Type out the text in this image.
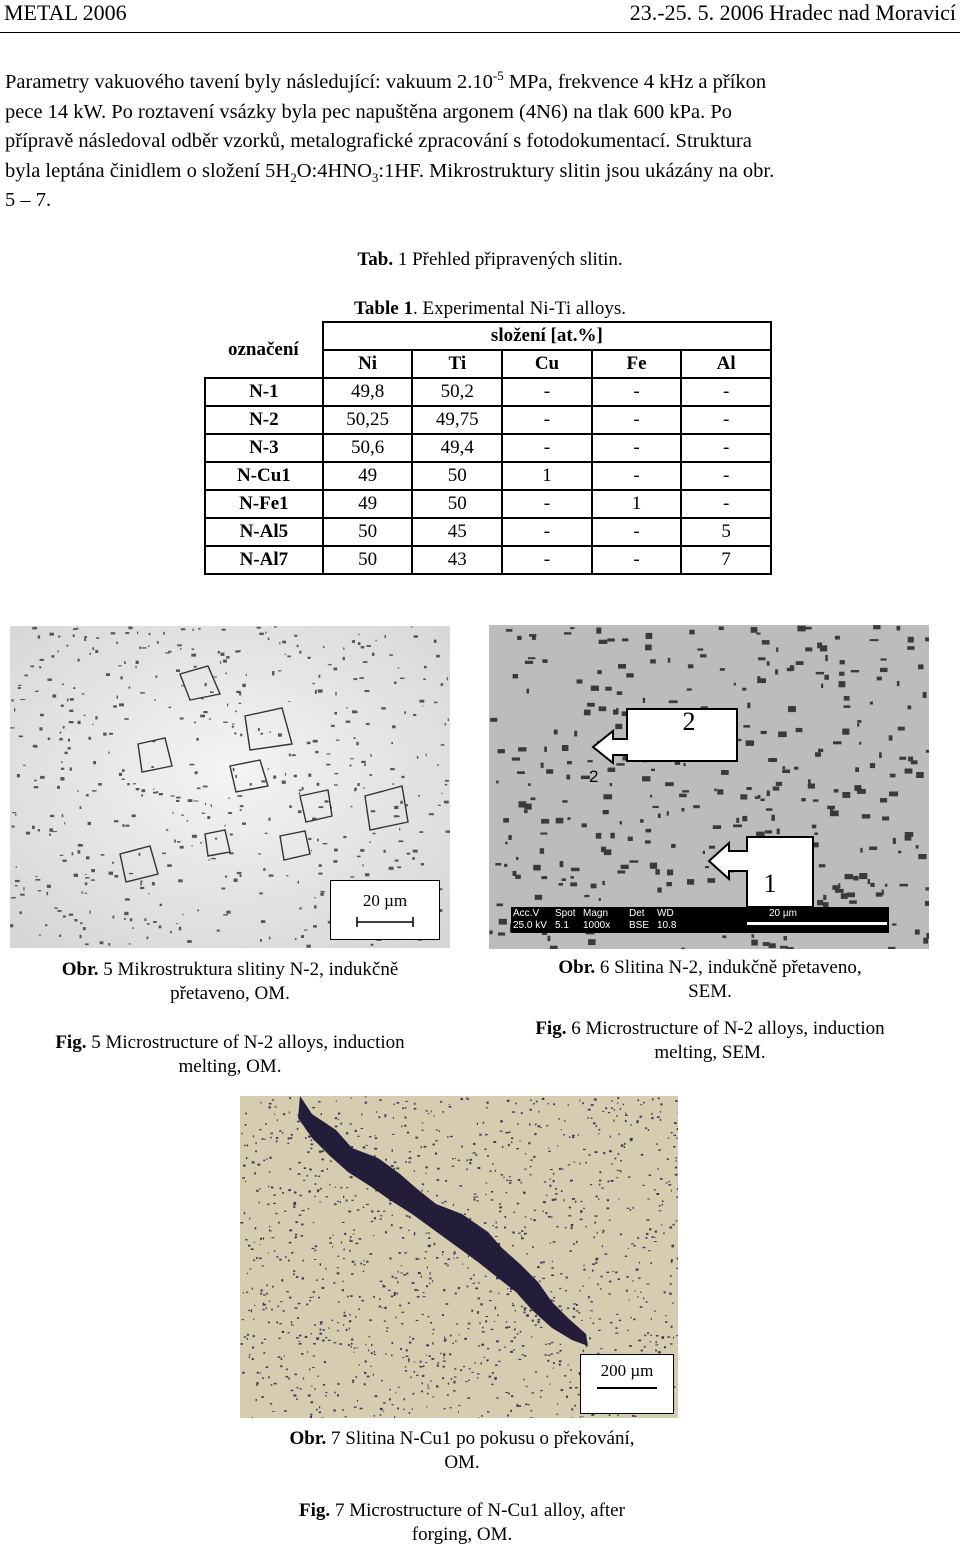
METAL 2006	23.-25. 5. 2006 Hradec nad Moravicí
Parametry vakuového tavení byly následující: vakuum $2.10^{-5}$ MPa, frekvence 4 kHz a příkon
pece 14 kW. Po roztavení vsázky byla pec napuštěna argonem (4N6) na tlak 600 kPa. Po
přípravě následoval odběr vzorků, metalografické zpracování s fotodokumentací. Struktura
byla leptána činidlem o složení $5H_2O:4HNO_3:1HF$. Mikrostruktury slitin jsou ukázány na obr.
5 – 7.
Tab. 1 Přehled připravených slitin.
Table 1. Experimental Ni-Ti alloys.
označení	složení [at.%]				
	Ni	Ti	Cu	Fe	Al
N-1	49,8	50,2	-	-	-
N-2	50,25	49,75	-	-	-
N-3	50,6	49,4	-	-	-
N-Cu1	49	50	1	-	-
N-Fe1	49	50	-	1	-
N-Al5	50	45	-	-	5
N-Al7	50	43	-	-	7
20 µm
Obr. 5 Mikrostruktura slitiny N-2, indukčně
přetaveno, OM.
Fig. 5 Microstructure of N-2 alloys, induction
melting, OM.
2
2
1
Acc.V
25.0 kV
Spot
5.1
Magn
1000x
Det
BSE
WD
10.8
20 µm
Obr. 6 Slitina N-2, indukčně přetaveno,
SEM.
Fig. 6 Microstructure of N-2 alloys, induction
melting, SEM.
200 µm
Obr. 7 Slitina N-Cu1 po pokusu o překování,
OM.
Fig. 7 Microstructure of N-Cu1 alloy, after
forging, OM.
